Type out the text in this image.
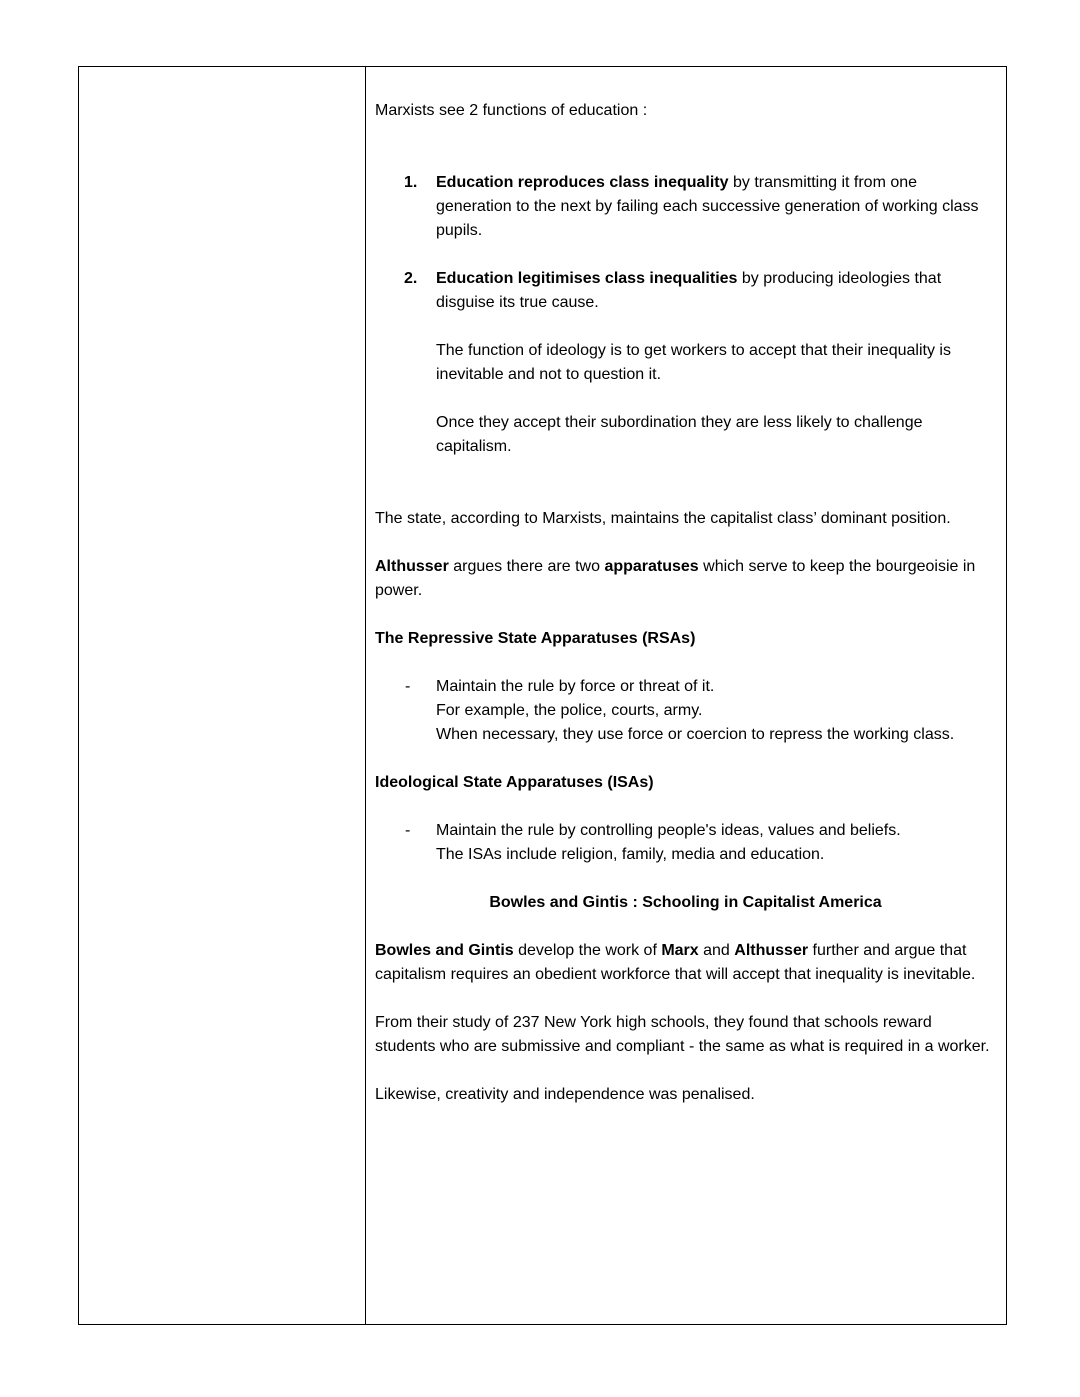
Marxists see 2 functions of education :

1.	Education reproduces class inequality by transmitting it from one generation to the next by failing each successive generation of working class pupils.
2.	Education legitimises class inequalities by producing ideologies that disguise its true cause.

The function of ideology is to get workers to accept that their inequality is inevitable and not to question it.

Once they accept their subordination they are less likely to challenge capitalism.

The state, according to Marxists, maintains the capitalist class’ dominant position.

Althusser argues there are two apparatuses which serve to keep the bourgeoisie in power.

The Repressive State Apparatuses (RSAs)

-	Maintain the rule by force or threat of it.
For example, the police, courts, army.
When necessary, they use force or coercion to repress the working class.

Ideological State Apparatuses (ISAs)

-	Maintain the rule by controlling people's ideas, values and beliefs.
The ISAs include religion, family, media and education.

Bowles and Gintis : Schooling in Capitalist America

Bowles and Gintis develop the work of Marx and Althusser further and argue that capitalism requires an obedient workforce that will accept that inequality is inevitable.

From their study of 237 New York high schools, they found that schools reward students who are submissive and compliant - the same as what is required in a worker.

Likewise, creativity and independence was penalised.
